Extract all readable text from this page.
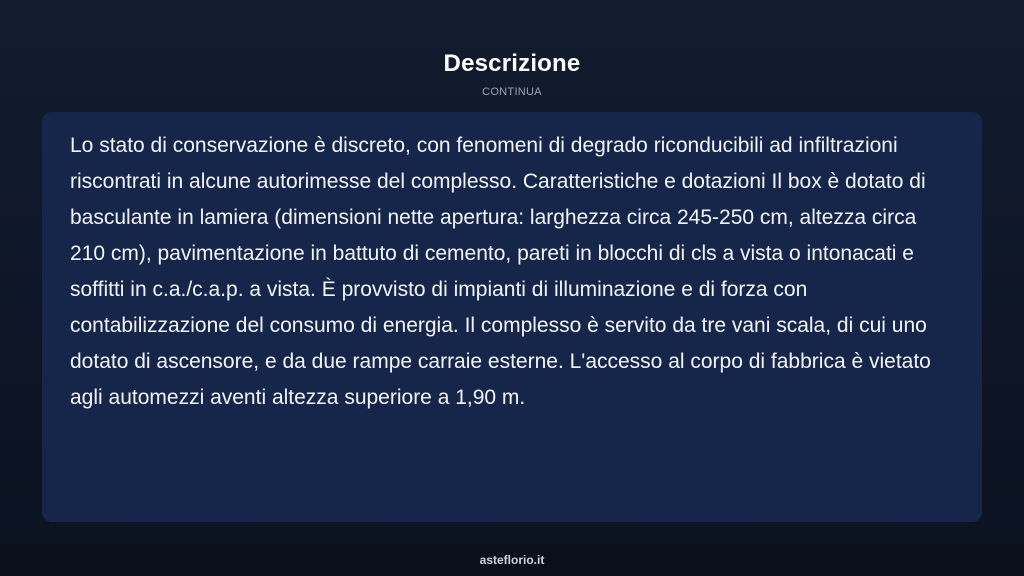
Descrizione
CONTINUA

Lo stato di conservazione è discreto, con fenomeni di degrado riconducibili ad infiltrazioni riscontrati in alcune autorimesse del complesso. Caratteristiche e dotazioni Il box è dotato di basculante in lamiera (dimensioni nette apertura: larghezza circa 245-250 cm, altezza circa 210 cm), pavimentazione in battuto di cemento, pareti in blocchi di cls a vista o intonacati e soffitti in c.a./c.a.p. a vista. È provvisto di impianti di illuminazione e di forza con contabilizzazione del consumo di energia. Il complesso è servito da tre vani scala, di cui uno dotato di ascensore, e da due rampe carraie esterne. L'accesso al corpo di fabbrica è vietato agli automezzi aventi altezza superiore a 1,90 m.

asteflorio.it
